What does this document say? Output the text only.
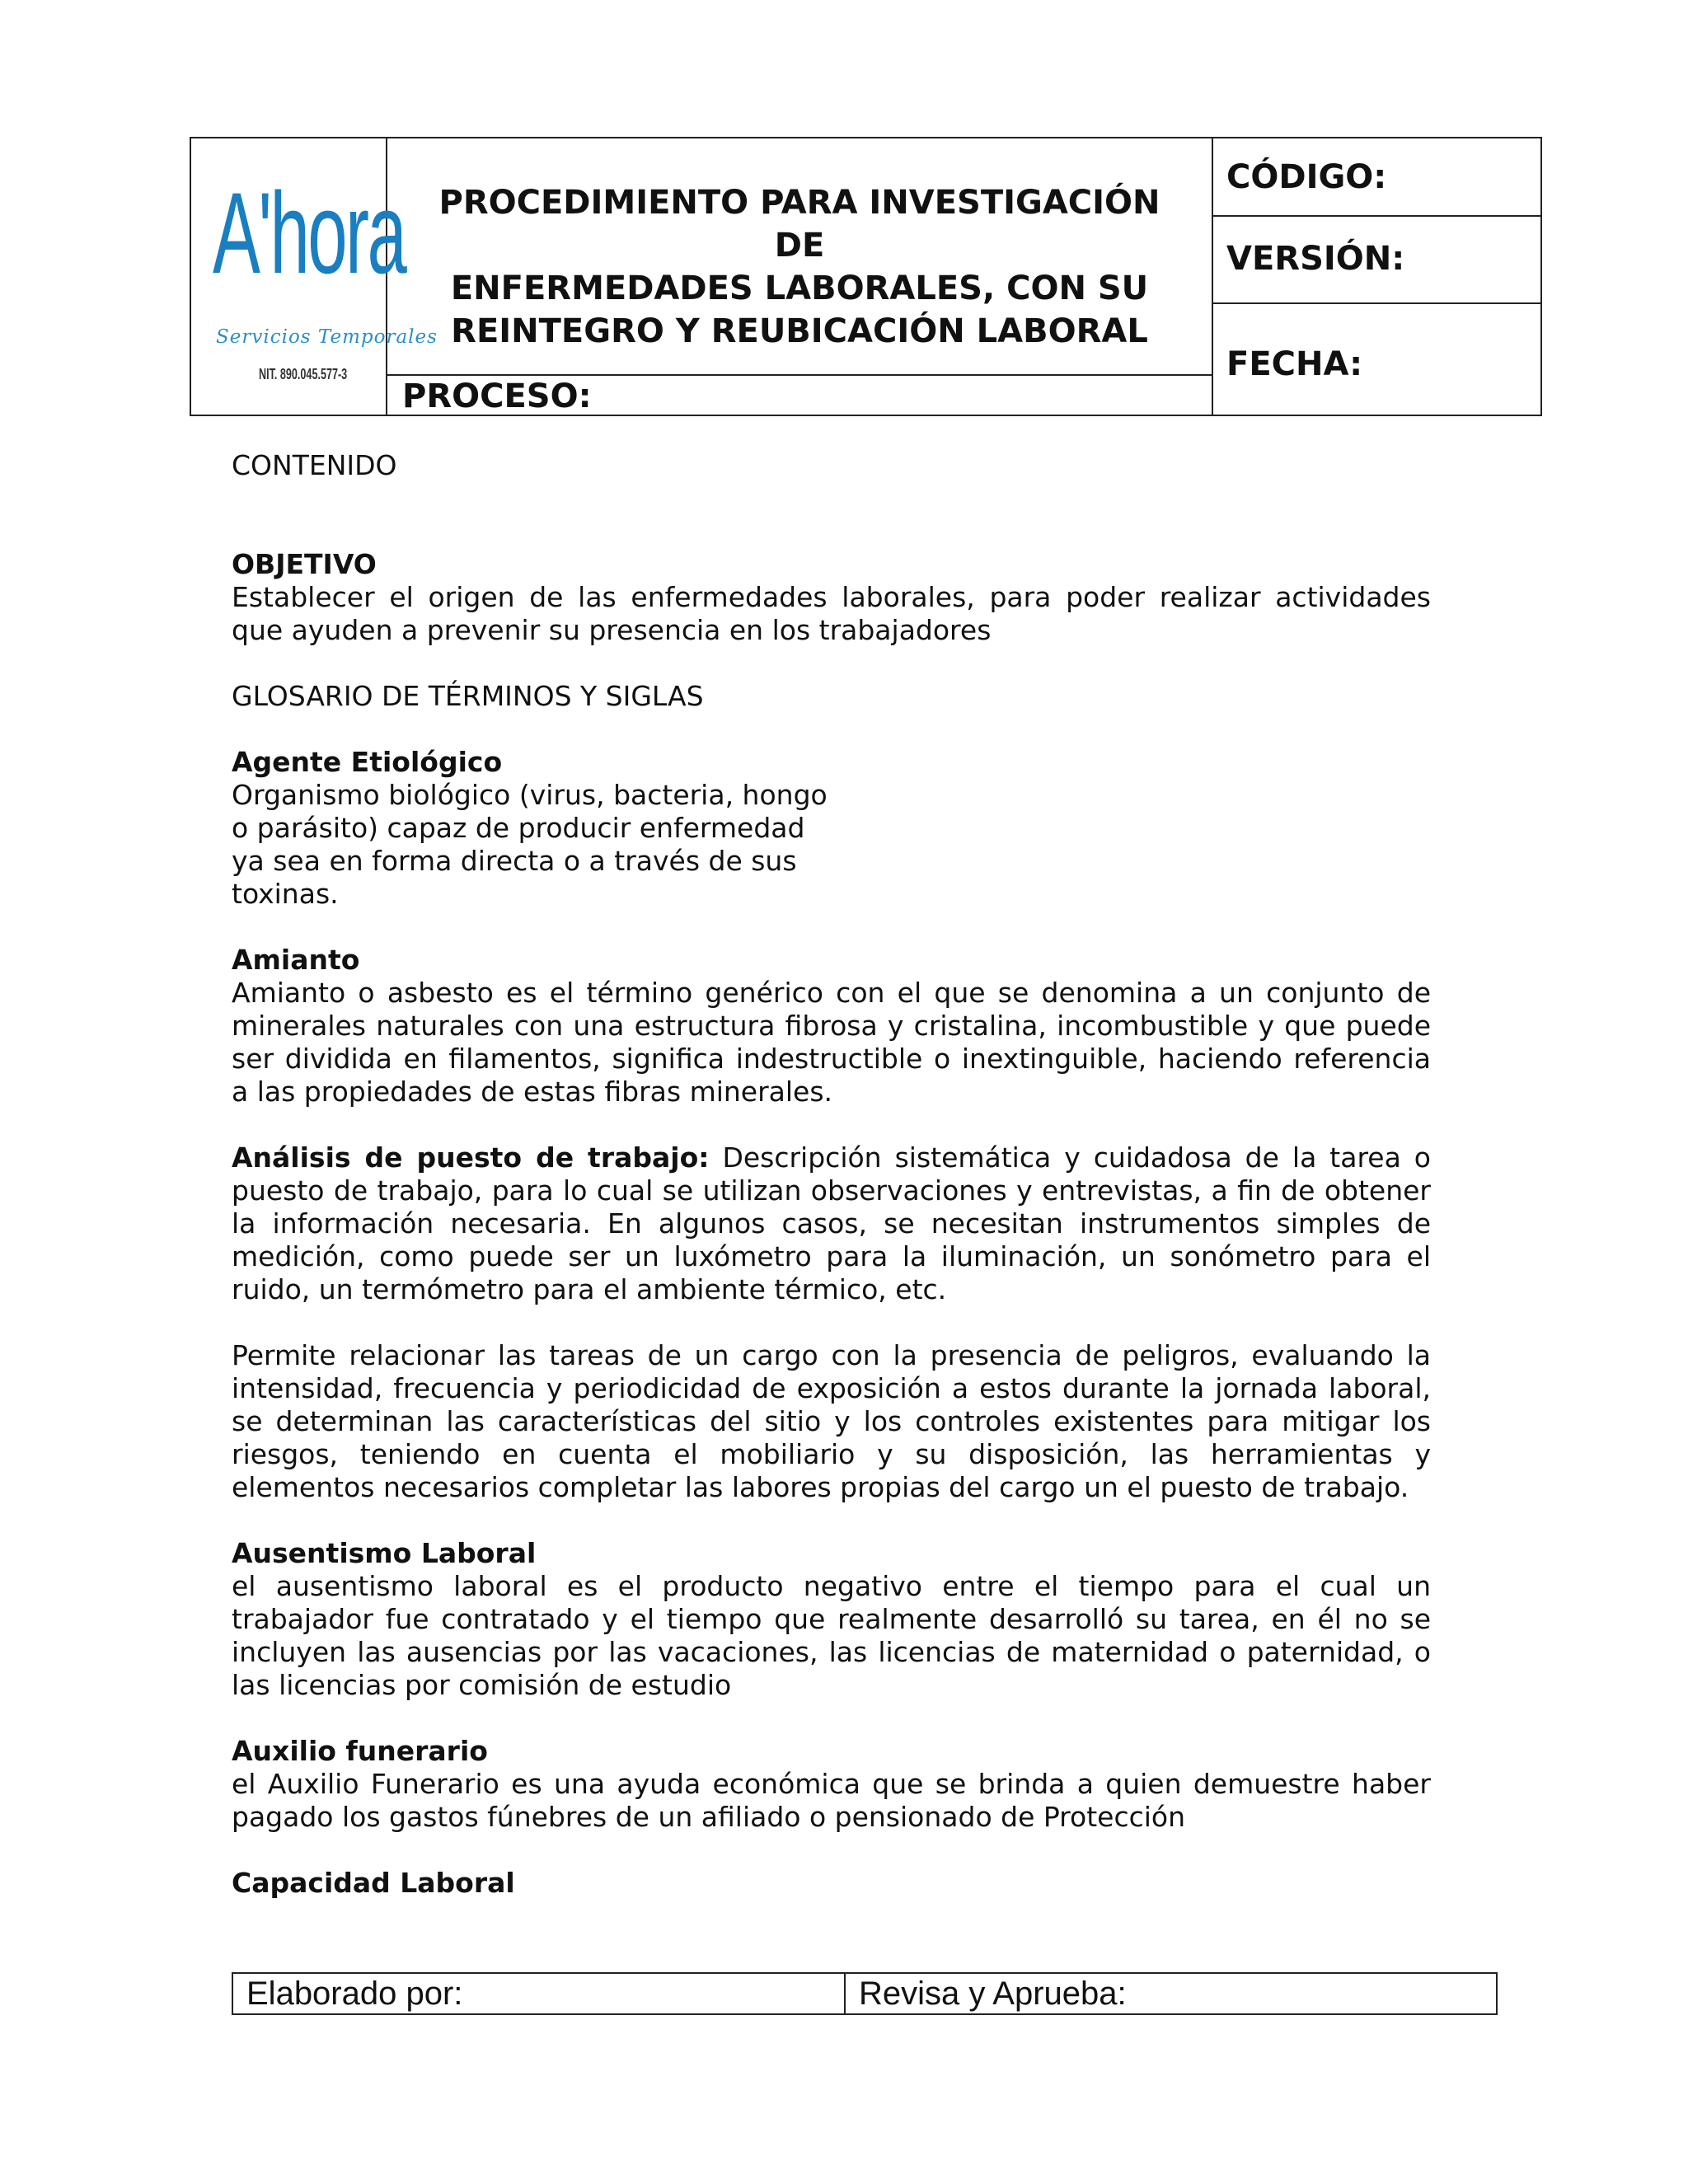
A'hora
Servicios Temporales
NIT. 890.045.577-3
PROCEDIMIENTO PARA INVESTIGACIÓN DE
ENFERMEDADES LABORALES, CON SU
REINTEGRO Y REUBICACIÓN LABORAL
PROCESO:
CÓDIGO:
VERSIÓN:
FECHA:

CONTENIDO

OBJETIVO

Establecer el origen de las enfermedades laborales, para poder realizar actividades que ayuden a prevenir su presencia en los trabajadores

GLOSARIO DE TÉRMINOS Y SIGLAS

Agente Etiológico

Organismo biológico (virus, bacteria, hongo

o parásito) capaz de producir enfermedad

ya sea en forma directa o a través de sus

toxinas.

Amianto

Amianto o asbesto es el término genérico con el que se denomina a un conjunto de minerales naturales con una estructura fibrosa y cristalina, incombustible y que puede ser dividida en filamentos, significa indestructible o inextinguible, haciendo referencia a las propiedades de estas fibras minerales.

Análisis de puesto de trabajo: Descripción sistemática y cuidadosa de la tarea o puesto de trabajo, para lo cual se utilizan observaciones y entrevistas, a fin de obtener la información necesaria. En algunos casos, se necesitan instrumentos simples de medición, como puede ser un luxómetro para la iluminación, un sonómetro para el ruido, un termómetro para el ambiente térmico, etc.

Permite relacionar las tareas de un cargo con la presencia de peligros, evaluando la intensidad, frecuencia y periodicidad de exposición a estos durante la jornada laboral, se determinan las características del sitio y los controles existentes para mitigar los riesgos, teniendo en cuenta el mobiliario y su disposición, las herramientas y elementos necesarios completar las labores propias del cargo un el puesto de trabajo.

Ausentismo Laboral

el ausentismo laboral es el producto negativo entre el tiempo para el cual un trabajador fue contratado y el tiempo que realmente desarrolló su tarea, en él no se incluyen las ausencias por las vacaciones, las licencias de maternidad o paternidad, o las licencias por comisión de estudio

Auxilio funerario

el Auxilio Funerario es una ayuda económica que se brinda a quien demuestre haber pagado los gastos fúnebres de un afiliado o pensionado de Protección

Capacidad Laboral

Elaborado por:	Revisa y Aprueba:
